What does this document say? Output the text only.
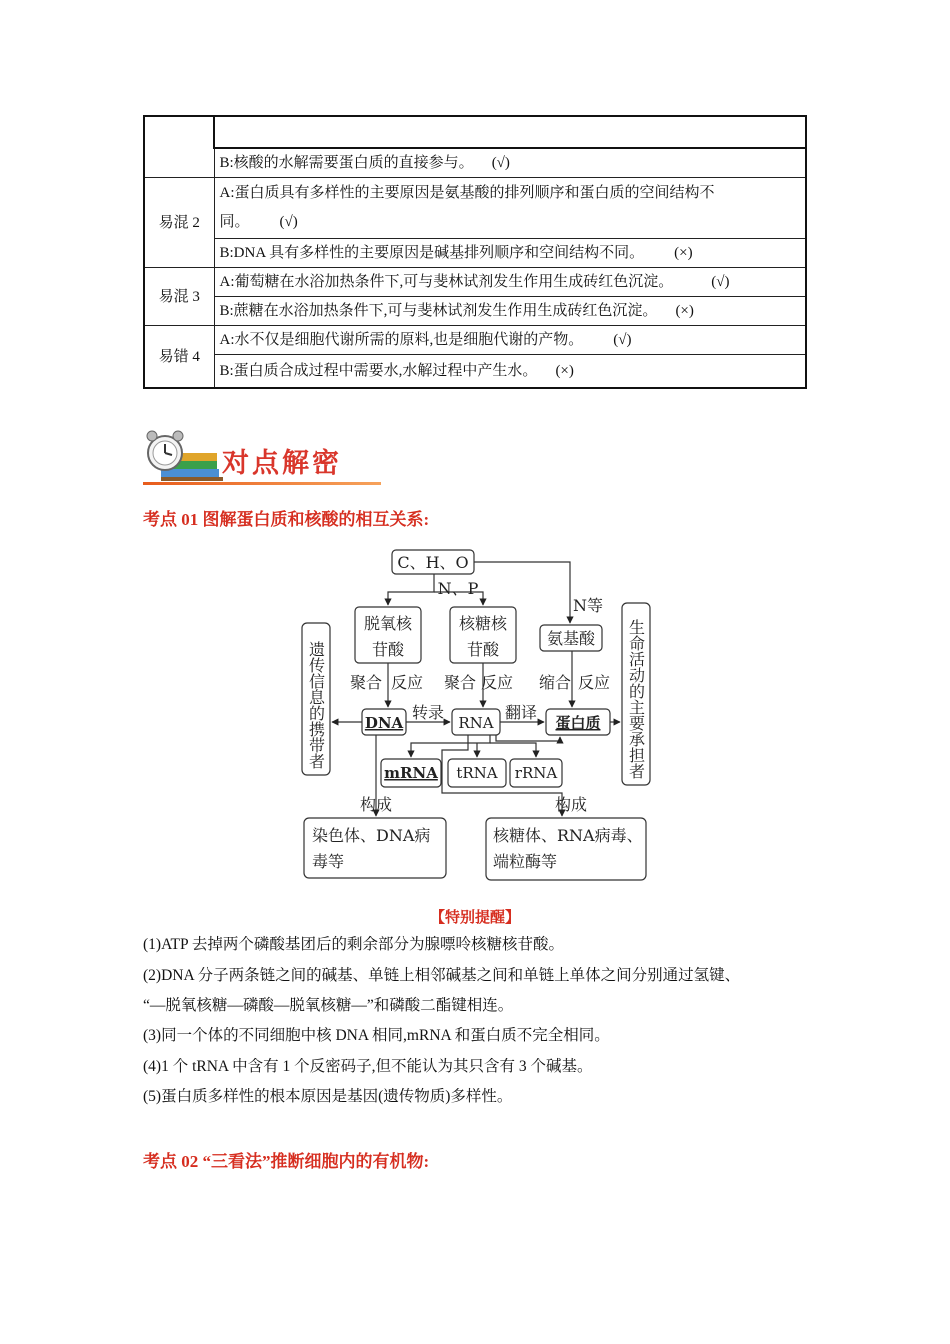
	B:核酸的水解需要蛋白质的直接参与。 (√)
易混 2	A:蛋白质具有多样性的主要原因是氨基酸的排列顺序和蛋白质的空间结构不
同。 (√)
	B:DNA 具有多样性的主要原因是碱基排列顺序和空间结构不同。 (×)
易混 3	A:葡萄糖在水浴加热条件下,可与斐林试剂发生作用生成砖红色沉淀。 (√)
	B:蔗糖在水浴加热条件下,可与斐林试剂发生作用生成砖红色沉淀。 (×)
易错 4	A:水不仅是细胞代谢所需的原料,也是细胞代谢的产物。 (√)
	B:蛋白质合成过程中需要水,水解过程中产生水。 (×)
对点解密
考点 01 图解蛋白质和核酸的相互关系:
C、H、O
N、P
N等
脱氧核
苷酸
核糖核
苷酸
氨基酸
聚合 反应 聚合 反应 缩合 反应
DNA	RNA	蛋白质
转录	翻译
mRNA tRNA rRNA
构成	构成
染色体、DNA病
毒等
核糖体、RNA病毒、
端粒酶等
遗传信息的携带者	生命活动的主要承担者
【特别提醒】
(1)ATP 去掉两个磷酸基团后的剩余部分为腺嘌呤核糖核苷酸。
(2)DNA 分子两条链之间的碱基、单链上相邻碱基之间和单链上单体之间分别通过氢键、
“—脱氧核糖—磷酸—脱氧核糖—”和磷酸二酯键相连。
(3)同一个体的不同细胞中核 DNA 相同,mRNA 和蛋白质不完全相同。
(4)1 个 tRNA 中含有 1 个反密码子,但不能认为其只含有 3 个碱基。
(5)蛋白质多样性的根本原因是基因(遗传物质)多样性。
考点 02 “三看法”推断细胞内的有机物:
